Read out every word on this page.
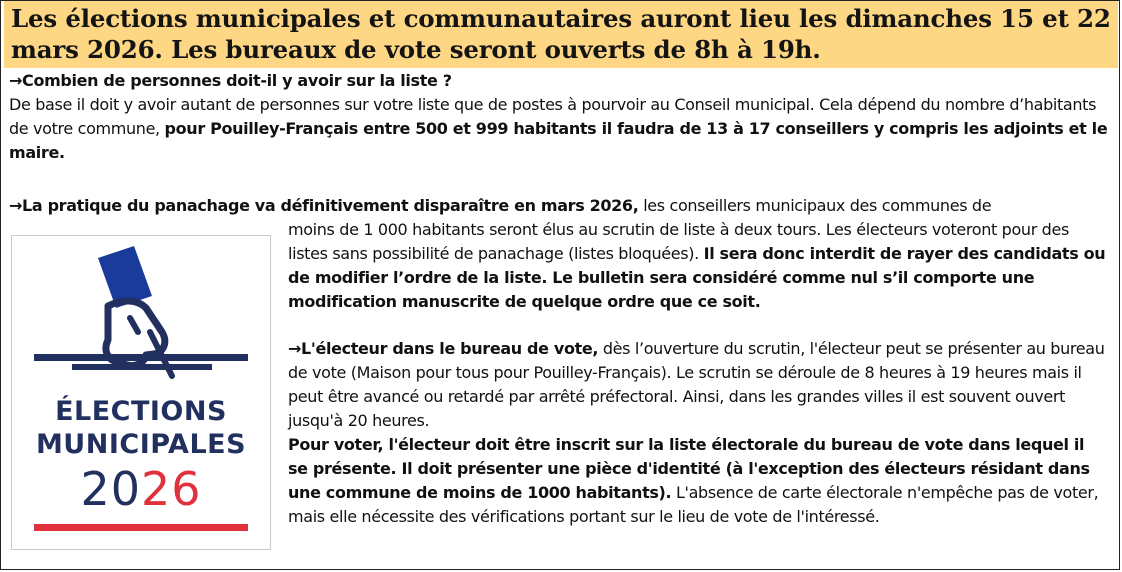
Les élections municipales et communautaires auront lieu les dimanches 15 et 22 mars 2026. Les bureaux de vote seront ouverts de 8h à 19h.
→Combien de personnes doit-il y avoir sur la liste ?
De base il doit y avoir autant de personnes sur votre liste que de postes à pourvoir au Conseil municipal. Cela dépend du nombre d’habitants de votre commune, pour Pouilley-Français entre 500 et 999 habitants il faudra de 13 à 17 conseillers y compris les adjoints et le maire.
→La pratique du panachage va définitivement disparaître en mars 2026, les conseillers municipaux des communes de
moins de 1 000 habitants seront élus au scrutin de liste à deux tours. Les électeurs voteront pour des listes sans possibilité de panachage (listes bloquées). Il sera donc interdit de rayer des candidats ou de modifier l’ordre de la liste. Le bulletin sera considéré comme nul s’il comporte une modification manuscrite de quelque ordre que ce soit.
→L'électeur dans le bureau de vote, dès l’ouverture du scrutin, l'électeur peut se présenter au bureau de vote (Maison pour tous pour Pouilley-Français). Le scrutin se déroule de 8 heures à 19 heures mais il peut être avancé ou retardé par arrêté préfectoral. Ainsi, dans les grandes villes il est souvent ouvert jusqu'à 20 heures.
Pour voter, l'électeur doit être inscrit sur la liste électorale du bureau de vote dans lequel il se présente. Il doit présenter une pièce d'identité (à l'exception des électeurs résidant dans une commune de moins de 1000 habitants). L'absence de carte électorale n'empêche pas de voter, mais elle nécessite des vérifications portant sur le lieu de vote de l'intéressé.
ÉLECTIONS
MUNICIPALES
2026
